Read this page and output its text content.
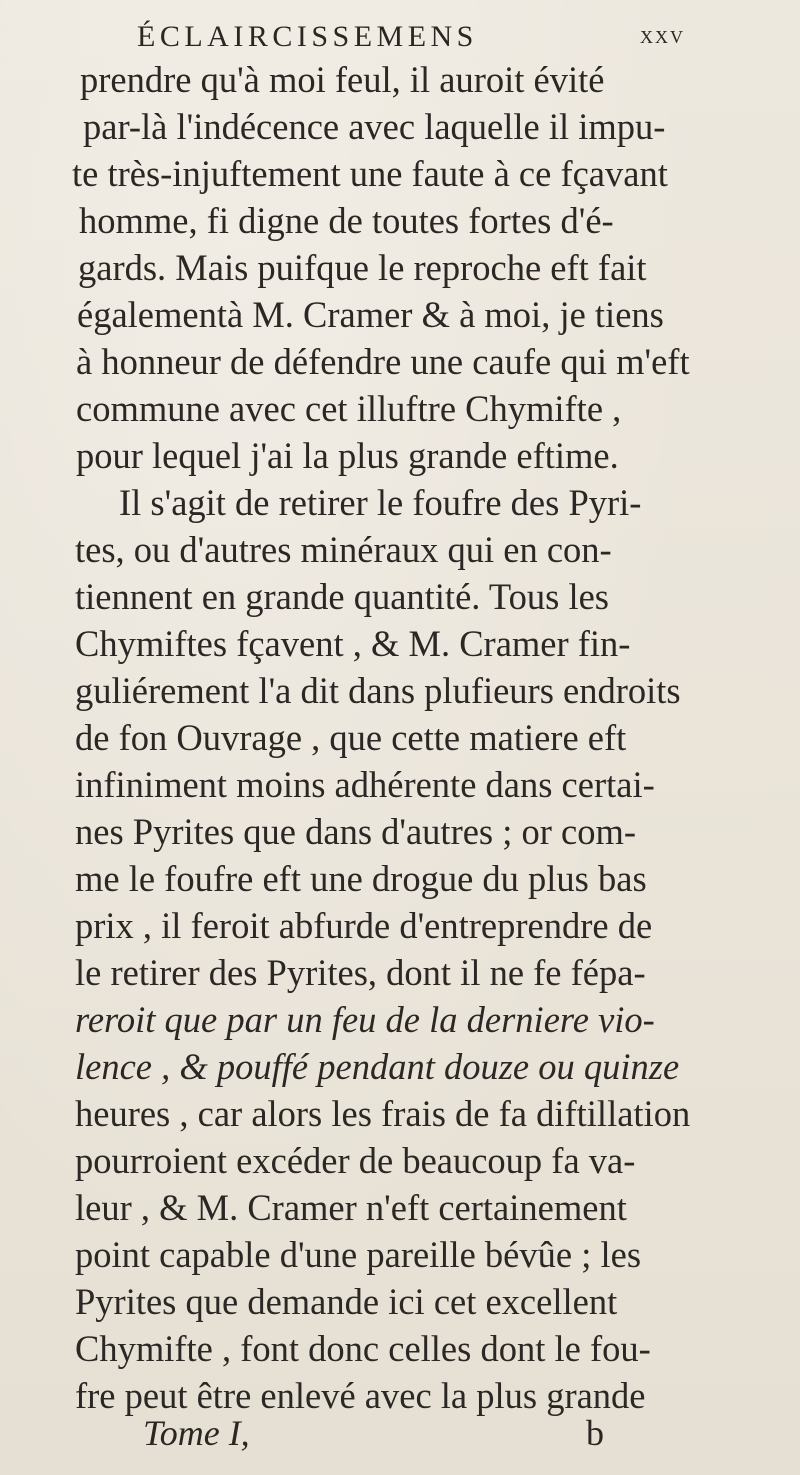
ÉCLAIRCISSEMENS	xxv
prendre qu'à moi feul, il auroit évité
par-là l'indécence avec laquelle il impu-
te très-injuftement une faute à ce fçavant
homme, fi digne de toutes fortes d'é-
gards. Mais puifque le reproche eft fait
égalementà M. Cramer & à moi, je tiens
à honneur de défendre une caufe qui m'eft
commune avec cet illuftre Chymifte ,
pour lequel j'ai la plus grande eftime.
Il s'agit de retirer le foufre des Pyri-
tes, ou d'autres minéraux qui en con-
tiennent en grande quantité. Tous les
Chymiftes fçavent , & M. Cramer fin-
guliérement l'a dit dans plufieurs endroits
de fon Ouvrage , que cette matiere eft
infiniment moins adhérente dans certai-
nes Pyrites que dans d'autres ; or com-
me le foufre eft une drogue du plus bas
prix , il feroit abfurde d'entreprendre de
le retirer des Pyrites, dont il ne fe fépa-
reroit que par un feu de la derniere vio-
lence , & pouffé pendant douze ou quinze
heures , car alors les frais de fa diftillation
pourroient excéder de beaucoup fa va-
leur , & M. Cramer n'eft certainement
point capable d'une pareille bévûe ; les
Pyrites que demande ici cet excellent
Chymifte , font donc celles dont le fou-
fre peut être enlevé avec la plus grande
Tome I,	b
